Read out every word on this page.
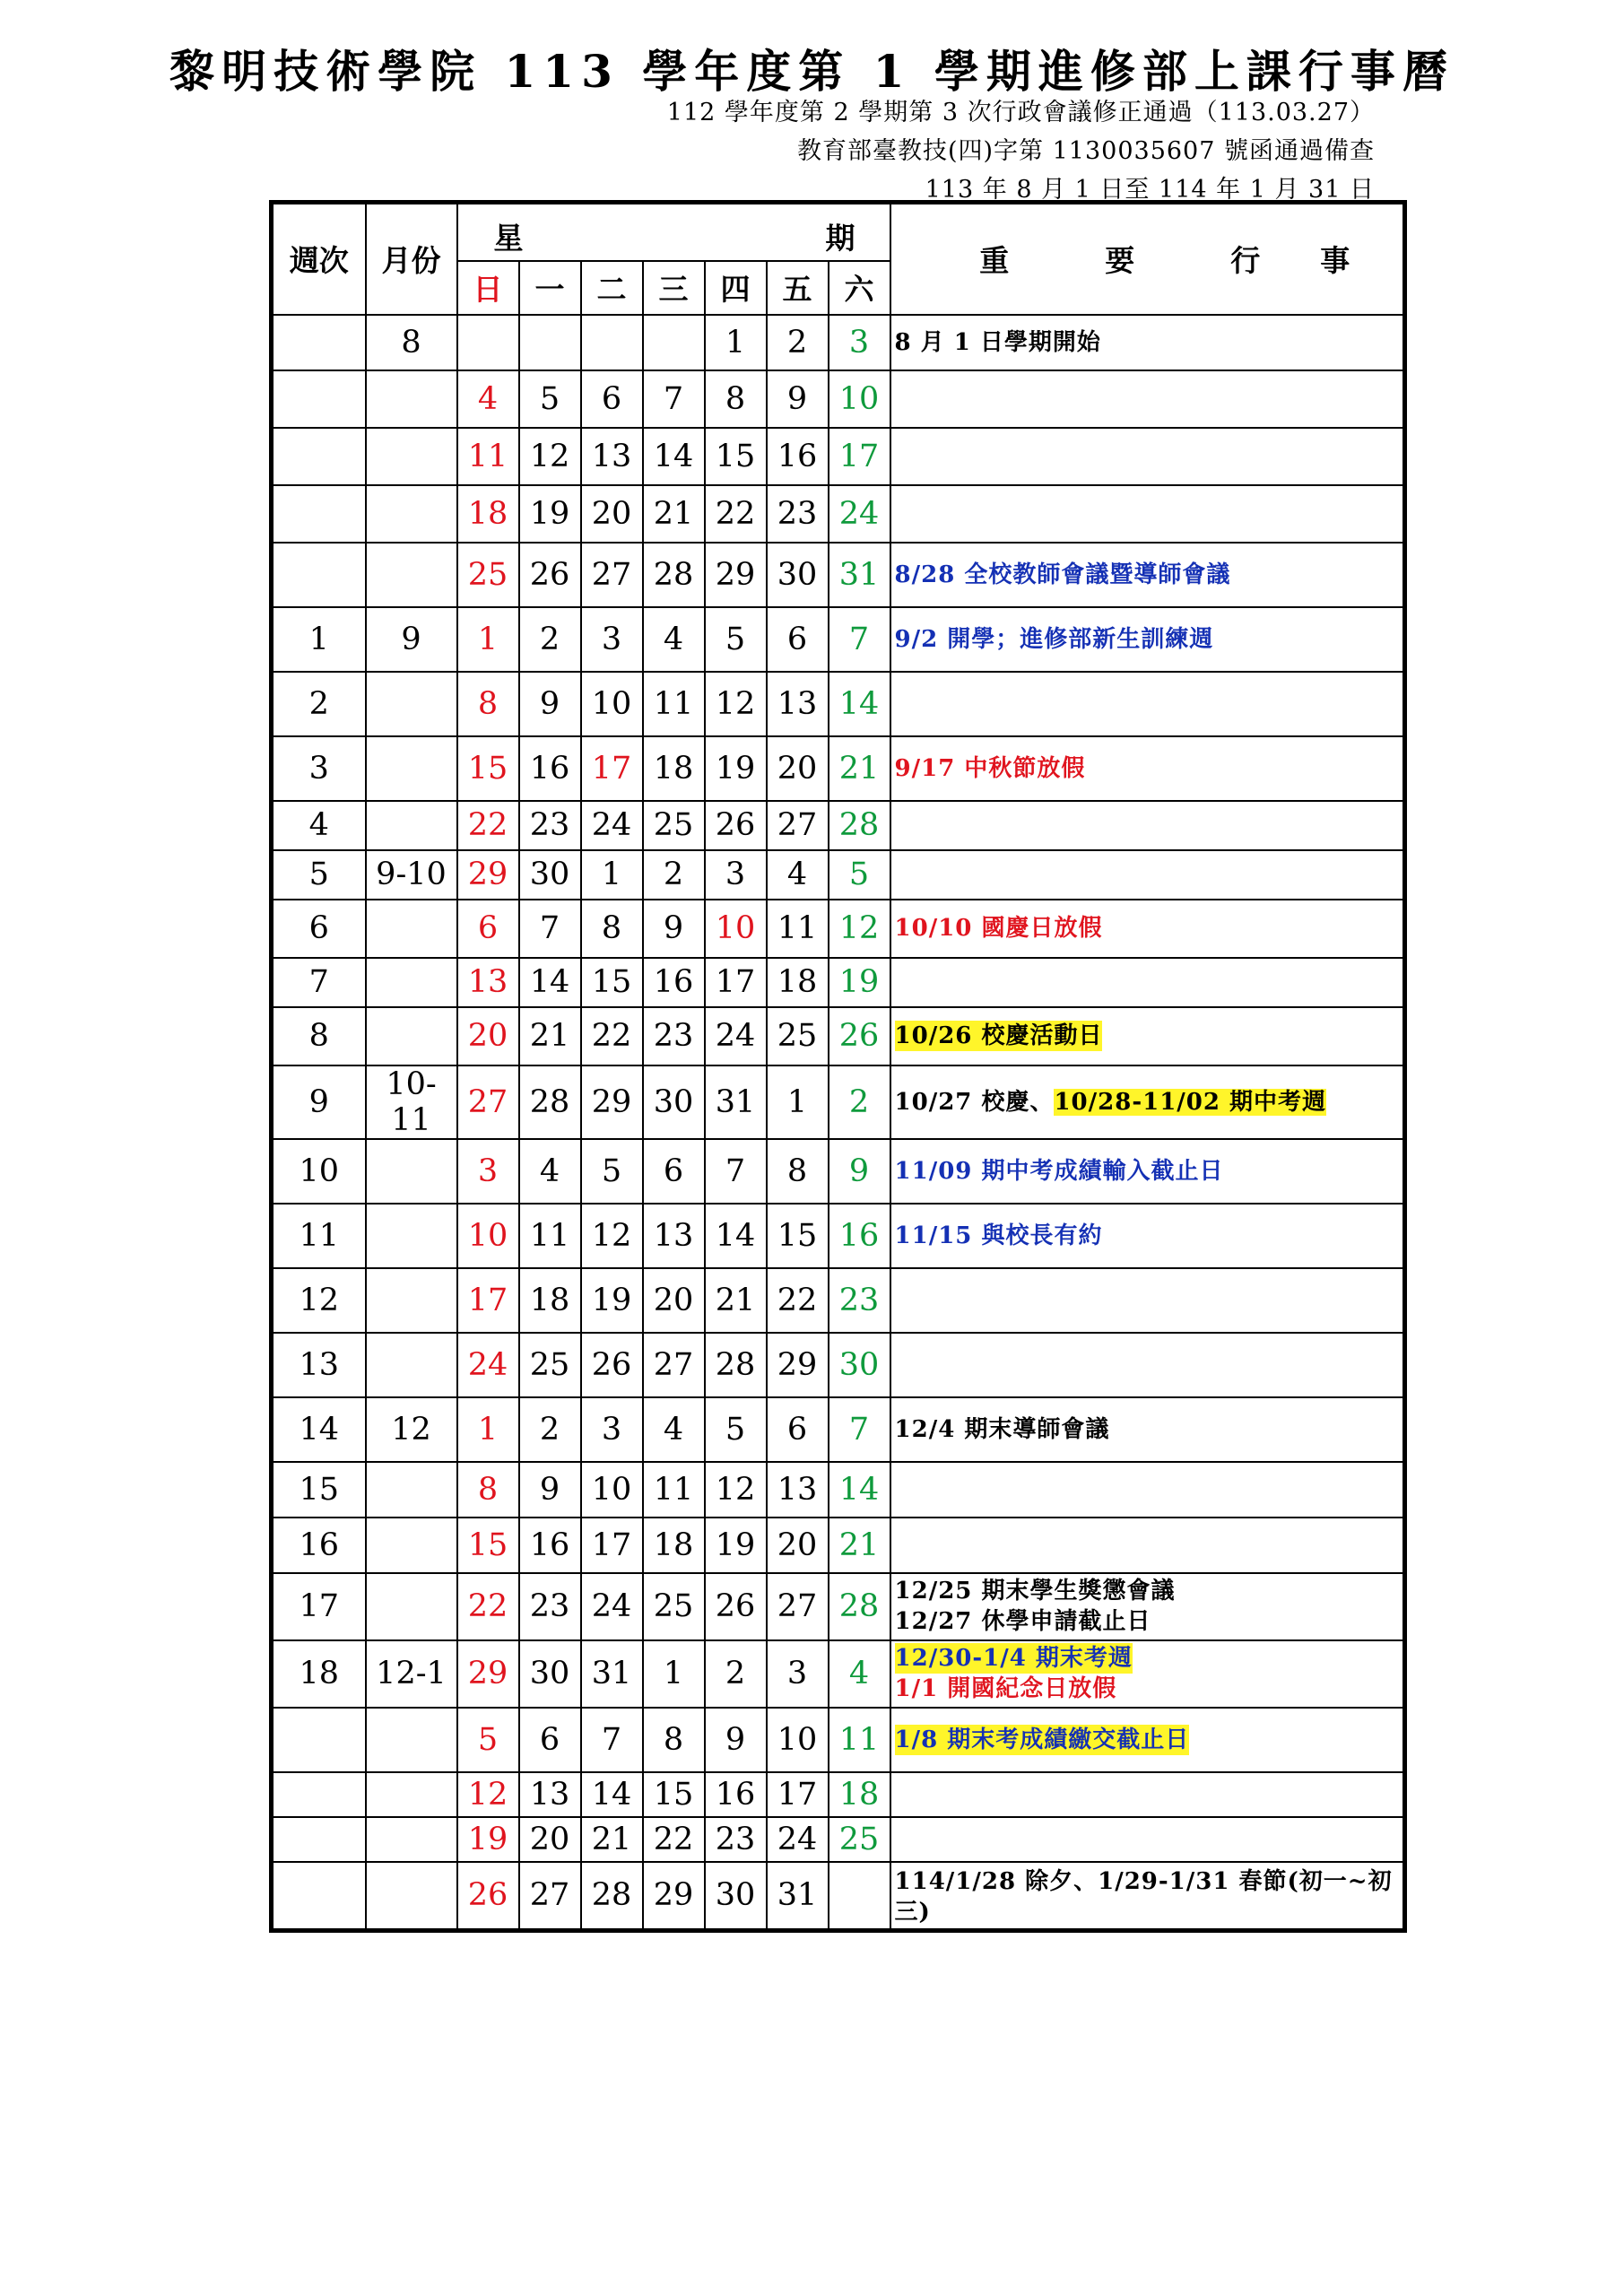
黎明技術學院 113 學年度第 1 學期進修部上課行事曆
112 學年度第 2 學期第 3 次行政會議修正通過（113.03.27）
教育部臺教技(四)字第 1130035607 號函通過備查
113 年 8 月 1 日至 114 年 1 月 31 日
週次	月份	星 期							重 要 行 事
		日	一	二	三	四	五	六	
	8					1	2	3	8 月 1 日學期開始

		4	5	6	7	8	9	10	
		11	12	13	14	15	16	17	
		18	19	20	21	22	23	24	
		25	26	27	28	29	30	31	8/28 全校教師會議暨導師會議

1	9	1	2	3	4	5	6	7	9/2 開學；進修部新生訓練週

2		8	9	10	11	12	13	14	
3		15	16	17	18	19	20	21	9/17 中秋節放假

4		22	23	24	25	26	27	28	
5	9-10	29	30	1	2	3	4	5	
6		6	7	8	9	10	11	12	10/10 國慶日放假

7		13	14	15	16	17	18	19	
8		20	21	22	23	24	25	26	10/26 校慶活動日
9	10-11	27	28	29	30	31	1	2	10/27 校慶、10/28-11/02 期中考週
10		3	4	5	6	7	8	9	11/09 期中考成績輸入截止日

11		10	11	12	13	14	15	16	11/15 與校長有約

12		17	18	19	20	21	22	23	
13		24	25	26	27	28	29	30	
14	12	1	2	3	4	5	6	7	12/4 期末導師會議

15		8	9	10	11	12	13	14	
16		15	16	17	18	19	20	21	
17		22	23	24	25	26	27	28	12/25 期末學生獎懲會議
12/27 休學申請截止日

18	12-1	29	30	31	1	2	3	4	12/30-1/4 期末考週

1/1 開國紀念日放假

		5	6	7	8	9	10	11	1/8 期末考成績繳交截止日
		12	13	14	15	16	17	18	
		19	20	21	22	23	24	25	
		26	27	28	29	30	31		114/1/28 除夕、1/29-1/31 春節(初一~初三)
